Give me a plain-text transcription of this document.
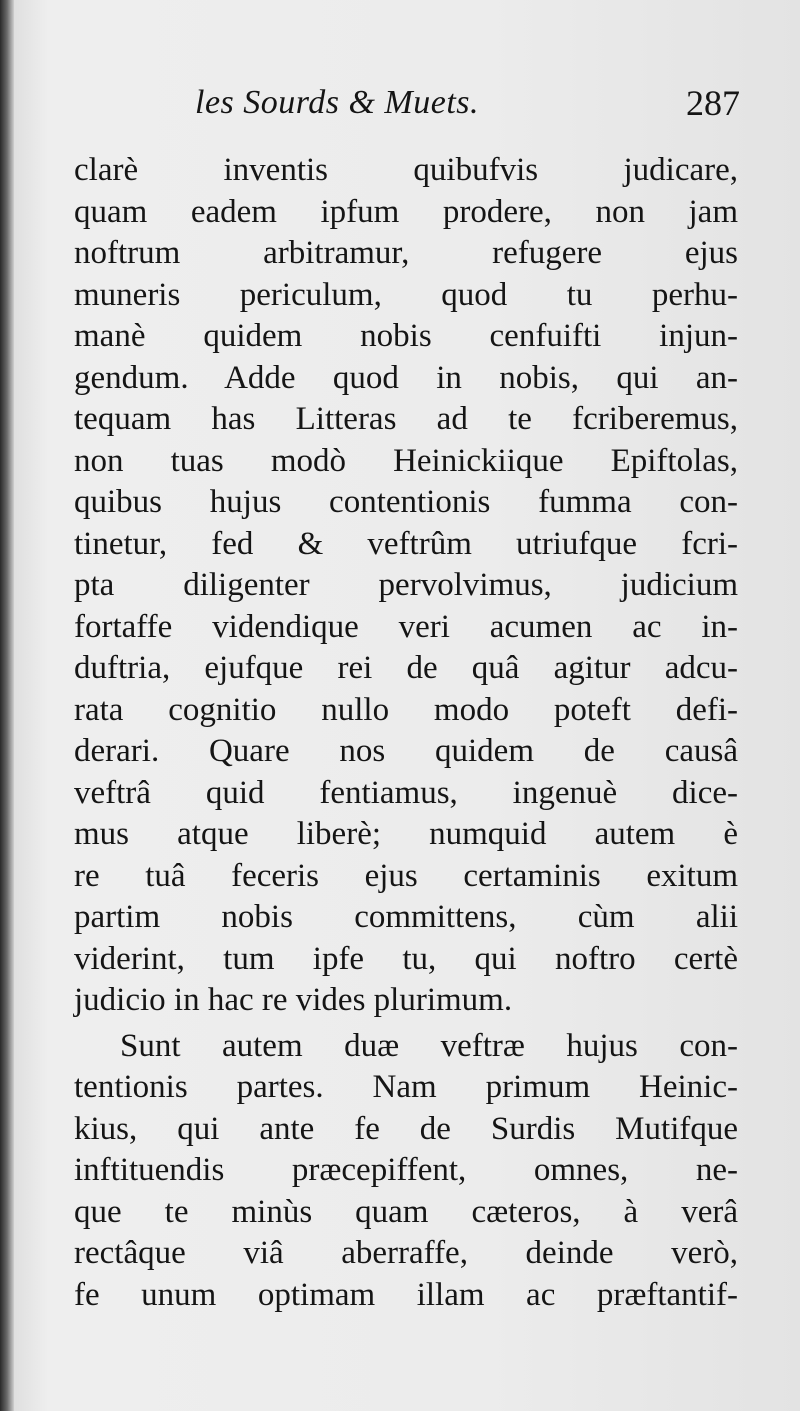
les Sourds & Muets.	287
clarè inventis quibufvis judicare,
quam eadem ipfum prodere, non jam
noftrum arbitramur, refugere ejus
muneris periculum, quod tu perhu-
manè quidem nobis cenfuifti injun-
gendum. Adde quod in nobis, qui an-
tequam has Litteras ad te fcriberemus,
non tuas modò Heinickiique Epiftolas,
quibus hujus contentionis fumma con-
tinetur, fed & veftrûm utriufque fcri-
pta diligenter pervolvimus, judicium
fortaffe videndique veri acumen ac in-
duftria, ejufque rei de quâ agitur adcu-
rata cognitio nullo modo poteft defi-
derari. Quare nos quidem de causâ
veftrâ quid fentiamus, ingenuè dice-
mus atque liberè; numquid autem è
re tuâ feceris ejus certaminis exitum
partim nobis committens, cùm alii
viderint, tum ipfe tu, qui noftro certè
judicio in hac re vides plurimum.
Sunt autem duæ veftræ hujus con-
tentionis partes. Nam primum Heinic-
kius, qui ante fe de Surdis Mutifque
inftituendis præcepiffent, omnes, ne-
que te minùs quam cæteros, à verâ
rectâque viâ aberraffe, deinde verò,
fe unum optimam illam ac præftantif-
